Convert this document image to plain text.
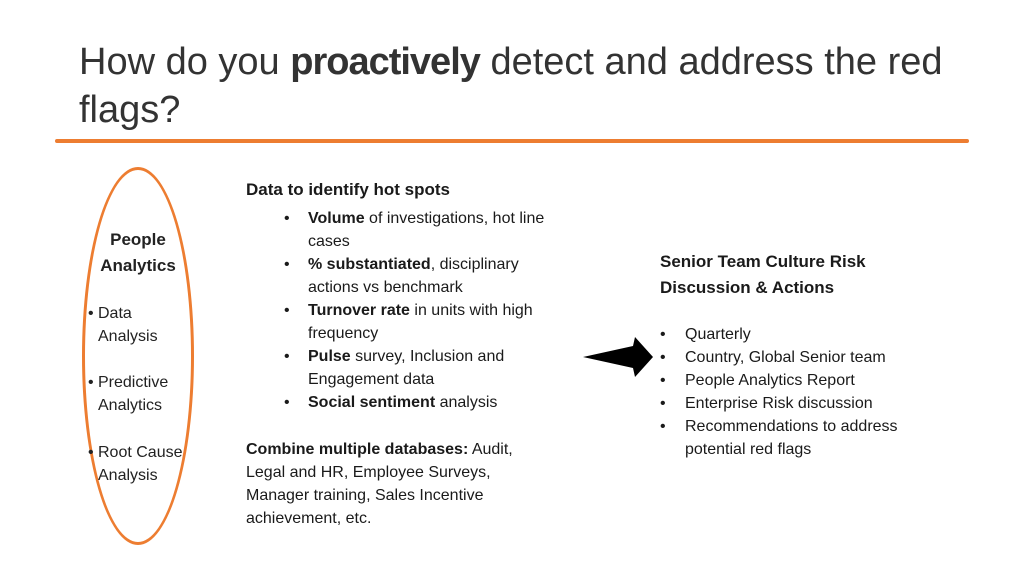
How do you proactively detect and address the red flags?
People Analytics
• Data Analysis
• Predictive Analytics
• Root Cause Analysis
Data to identify hot spots
• Volume of investigations, hot line cases
• % substantiated, disciplinary actions vs benchmark
• Turnover rate in units with high frequency
• Pulse survey, Inclusion and Engagement data
• Social sentiment analysis
Combine multiple databases: Audit, Legal and HR, Employee Surveys, Manager training, Sales Incentive achievement, etc.
Senior Team Culture Risk Discussion & Actions
• Quarterly
• Country, Global Senior team
• People Analytics Report
• Enterprise Risk discussion
• Recommendations to address potential red flags
